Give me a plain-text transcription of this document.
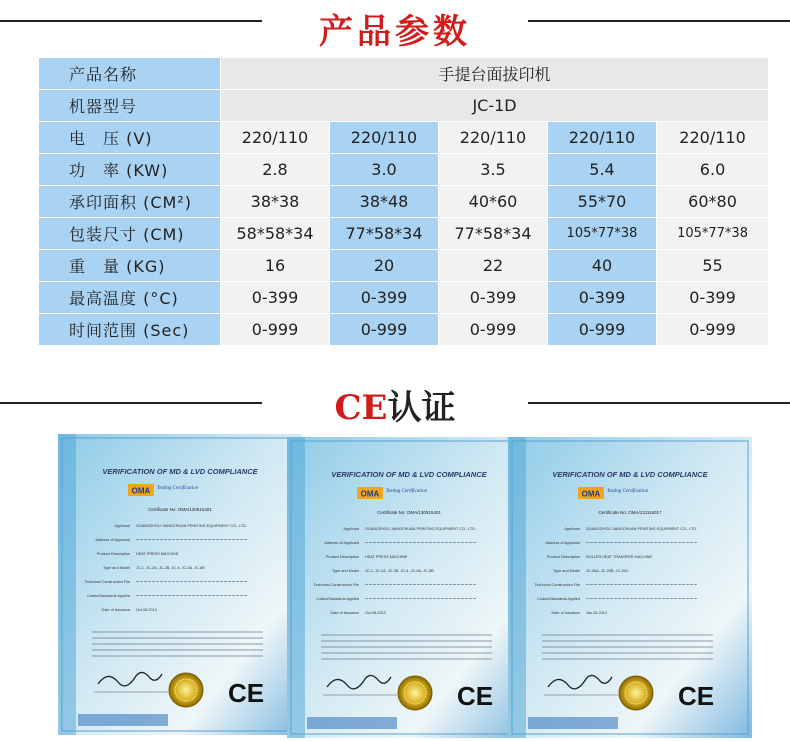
产品参数
产品名称	手提台面拔印机				
机器型号	JC-1D				
电　压 (V)	220/110	220/110	220/110	220/110	220/110
功　率 (KW)	2.8	3.0	3.5	5.4	6.0
承印面积 (CM²)	38*38	38*48	40*60	55*70	60*80
包装尺寸 (CM)	58*58*34	77*58*34	77*58*34	105*77*38	105*77*38
重　量 (KG)	16	20	22	40	55
最高温度 (°C)	0-399	0-399	0-399	0-399	0-399
时间范围 (Sec)	0-999	0-999	0-999	0-999	0-999
CE认证
VERIFICATION OF MD & LVD COMPLIANCE
OMA Testing Certification
Certificate No: OMA/130515401
Applicant GUANGZHOU JIANGCHUAN PRINTING EQUIPMENT CO., LTD.
Address of Applicant
Product Description HEAT PRESS MACHINE
Type and Model JC-1, JC-2A, JC-2B, JC-4, JC-5A, JC-8B
Technical Construction File
Codes/Standards Applied
Date of Issuance Oct.08.2013
CE
VERIFICATION OF MD & LVD COMPLIANCE
OMA Testing Certification
Certificate No: OMA/130515401
Applicant GUANGZHOU JIANGCHUAN PRINTING EQUIPMENT CO., LTD.
Address of Applicant
Product Description HEAT PRESS MACHINE
Type and Model JC-1, JC-2A, JC-2B, JC-4, JC-5A, JC-8B
Technical Construction File
Codes/Standards Applied
Date of Issuance Oct.08.2013
CE
VERIFICATION OF MD & LVD COMPLIANCE
OMA Testing Certification
Certificate No: OMA/131116017
Applicant GUANGZHOU JIANGCHUAN PRINTING EQUIPMENT CO., LTD.
Address of Applicant
Product Description ROLLER HEAT TRANSFER MACHINE
Type and Model JC-26A, JC-26B, JC-26C
Technical Construction File
Codes/Standards Applied
Date of Issuance Jan.26.2014
CE
